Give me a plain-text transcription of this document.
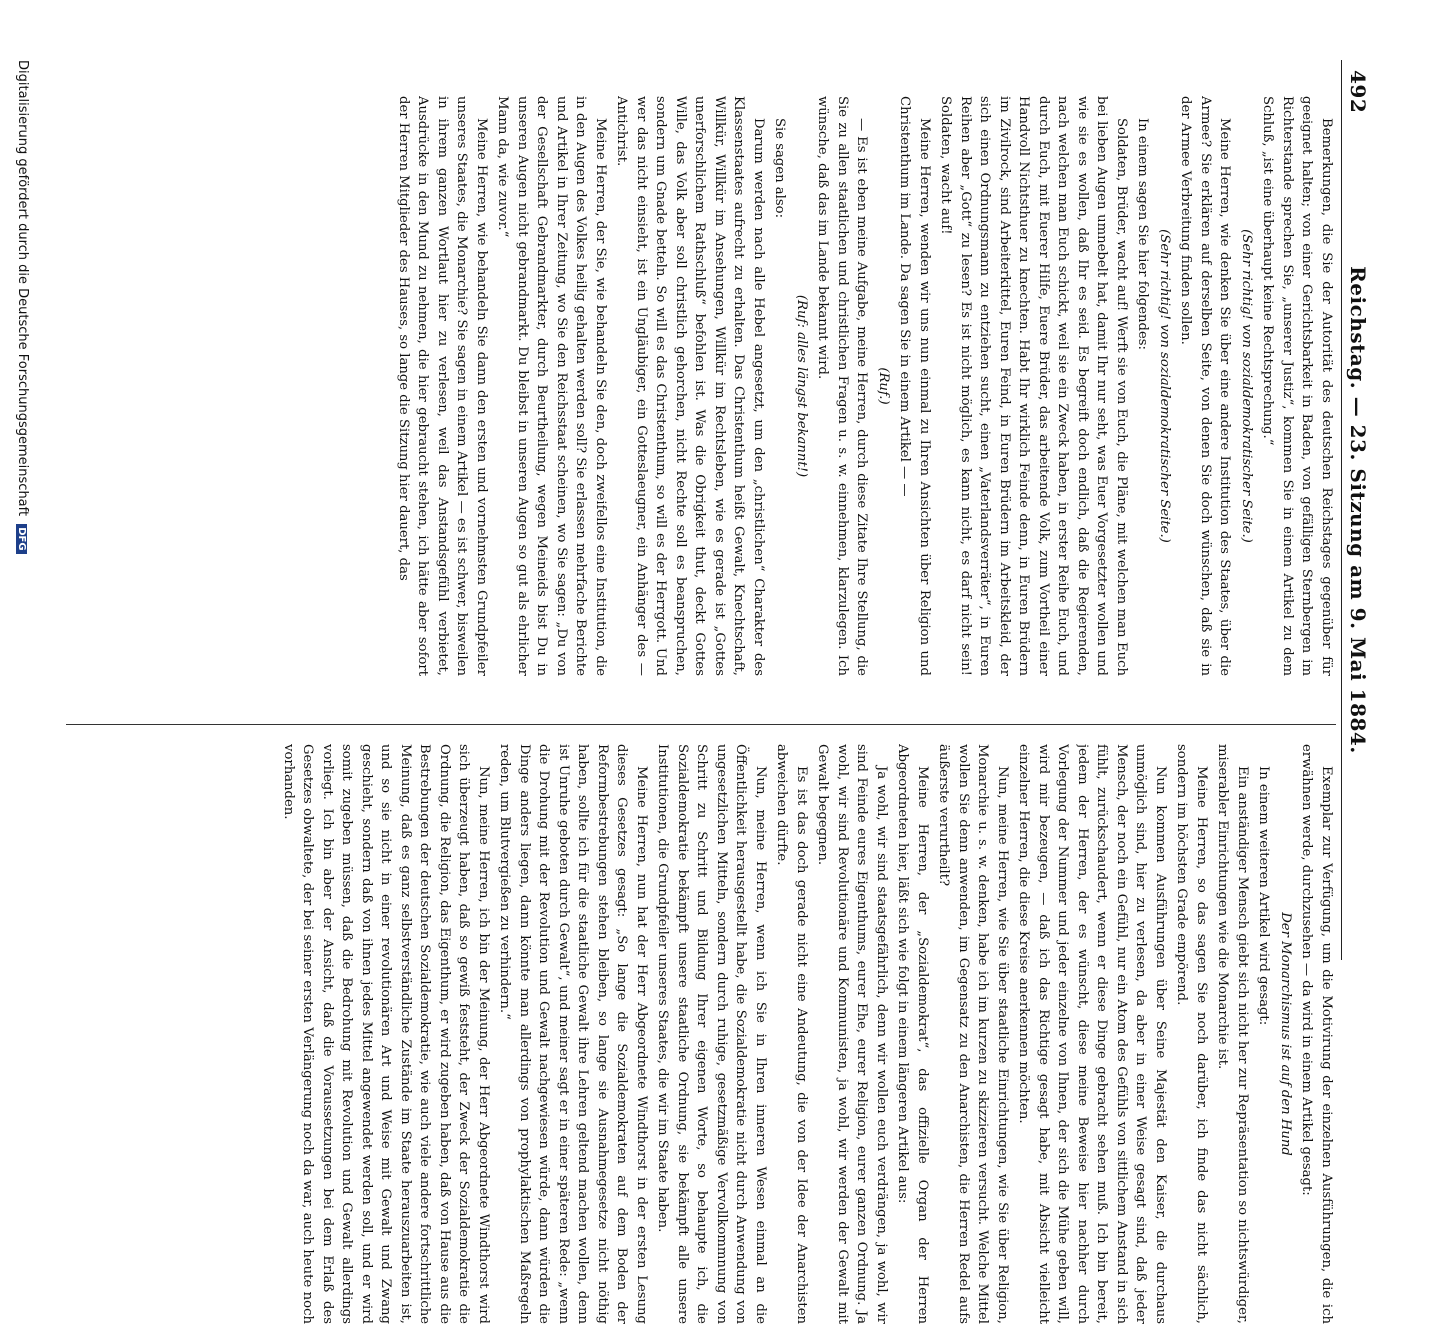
492
Reichstag. — 23. Sitzung am 9. Mai 1884.

Bemerkungen, die Sie der Autorität des deutschen Reichstages gegenüber für geeignet halten; von einer Gerichtsbarkeit in Baden, von gefälligen Sternbergen im Richterstande sprechen Sie, „unserer Justiz“, kommen Sie in einem Artikel zu dem Schluß, „ist eine überhaupt keine Rechtsprechung.“

(Sehr richtig! von sozialdemokratischer Seite.)

Meine Herren, wie denken Sie über eine andere Institution des Staates, über die Armee? Sie erklären auf derselben Seite, von denen Sie doch wünschen, daß sie in der Armee Verbreitung finden sollen.

(Sehr richtig! von sozialdemokratischer Seite.)

In einem sagen Sie hier folgendes:

Soldaten, Brüder, wacht auf! Werft sie von Euch, die Pläne, mit welchen man Euch bei lieben Augen umnebelt hat, damit Ihr nur seht, was Euer Vorgesetzter wollen und wie sie es wollen, daß Ihr es seid. Es begreift doch endlich, daß die Regierenden, nach welchen man Euch schickt, weil sie ein Zweck haben, in erster Reihe Euch, und durch Euch, mit Euerer Hilfe, Euere Brüder, das arbeitende Volk, zum Vortheil einer Handvoll Nichtsthuer zu knechten. Habt Ihr wirklich Feinde denn, in Euren Brüdern im Zivilrock, sind Arbeiterkittel, Euren Feind, in Euren Brüdern im Arbeitskleid, der sich einen Ordnungsmann zu entziehen sucht, einen „Vaterlandsverräter“, in Euren Reihen aber „Gott“ zu lesen? Es ist nicht möglich, es kann nicht, es darf nicht sein! Soldaten, wacht auf!

Meine Herren, wenden wir uns nun einmal zu Ihren Ansichten über Religion und Christenthum im Lande. Da sagen Sie in einem Artikel — —

(Ruf.)

— Es ist eben meine Aufgabe, meine Herren, durch diese Zitate Ihre Stellung, die Sie zu allen staatlichen und christlichen Fragen u. s. w. einnehmen, klarzulegen. Ich wünsche, daß das im Lande bekannt wird.

(Ruf: alles längst bekannt!)

Sie sagen also:

Darum werden nach alle Hebel angesetzt, um den „christlichen“ Charakter des Klassenstaates aufrecht zu erhalten. Das Christenthum heißt Gewalt, Knechtschaft, Willkür, Willkür im Ansehungen, Willkür im Rechtsleben, wie es gerade ist „Gottes unerforschlichem Rathschluß“ befohlen ist. Was die Obrigkeit thut, deckt Gottes Wille, das Volk aber soll christlich gehorchen, nicht Rechte soll es beanspruchen, sondern um Gnade betteln. So will es das Christenthum, so will es der Herrgott. Und wer das nicht einsieht, ist ein Ungläubiger, ein Gotteslaeugner, ein Anhänger des — Antichrist.

Meine Herren, der Sie, wie behandeln Sie den, doch zweifellos eine Institution, die in den Augen des Volkes heilig gehalten werden soll? Sie erlassen mehrfache Berichte und Artikel in Ihrer Zeitung, wo Sie den Reichsstaat scheinen, wo Sie sagen: „Du von der Gesellschaft Gebrandmarkter, durch Beurtheilung, wegen Meineids bist Du in unseren Augen nicht gebrandmarkt. Du bleibst in unseren Augen so gut als ehrlicher Mann da, wie zuvor.“

Meine Herren, wie behandeln Sie dann den ersten und vornehmsten Grundpfeiler unseres Staates, die Monarchie? Sie sagen in einem Artikel — es ist schwer, bisweilen in ihrem ganzen Wortlaut hier zu verlesen, weil das Anstandsgefühl verbietet, Ausdrücke in den Mund zu nehmen, die hier gebraucht stehen, ich hätte aber sofort der Herren Mitglieder des Hauses, so lange die Sitzung hier dauert, das

Exemplar zur Verfügung, um die Motivirung der einzelnen Ausführungen, die ich erwähnen werde, durchzusehen — da wird in einem Artikel gesagt:

Der Monarchismus ist auf den Hund

In einem weiteren Artikel wird gesagt:

Ein anständiger Mensch giebt sich nicht her zur Repräsentation so nichtswürdiger, miserabler Einrichtungen wie die Monarchie ist.

Meine Herren, so das sagen Sie noch darüber, ich finde das nicht sächlich, sondern im höchsten Grade empörend.

Nun kommen Ausführungen über Seine Majestät den Kaiser, die durchaus unmöglich sind, hier zu verlesen, da aber in einer Weise gesagt sind, daß jeder Mensch, der noch ein Gefühl, nur ein Atom des Gefühls von sittlichem Anstand in sich fühlt, zurückschaudert, wenn er diese Dinge gebracht sehen muß. Ich bin bereit, jedem der Herren, der es wünscht, diese meine Beweise hier nachher durch Vorlegung der Nummer und jeder einzelne von Ihnen, der sich die Mühe geben will, wird mir bezeugen, — daß ich das Richtige gesagt habe, mit Absicht vielleicht einzelner Herren, die diese Kreise anerkennen möchten.

Nun, meine Herren, wie Sie über staatliche Einrichtungen, wie Sie über Religion, Monarchie u. s. w. denken, habe ich im kurzen zu skizzieren versucht. Welche Mittel wollen Sie denn anwenden, im Gegensatz zu den Anarchisten, die Herren Redel aufs äußerste verurtheilt?

Meine Herren, der „Sozialdemokrat“, das offizielle Organ der Herren Abgeordneten hier, läßt sich wie folgt in einem längeren Artikel aus:

Ja wohl, wir sind staatsgefährlich, denn wir wollen euch verdrängen, ja wohl, wir sind Feinde eures Eigenthums, eurer Ehe, eurer Religion, eurer ganzen Ordnung. Ja wohl, wir sind Revolutionäre und Kommunisten, ja wohl, wir werden der Gewalt mit Gewalt begegnen.

Es ist das doch gerade nicht eine Andeutung, die von der Idee der Anarchisten abweichen dürfte.

Nun, meine Herren, wenn ich Sie in Ihren inneren Wesen einmal an die Öffentlichkeit herausgestellt habe, die Sozialdemokratie nicht durch Anwendung von ungesetzlichen Mitteln, sondern durch ruhige, gesetzmäßige Vervollkommnung von Schritt zu Schritt und Bildung Ihrer eigenen Worte, so behaupte ich, die Sozialdemokratie bekämpft unsere staatliche Ordnung, sie bekämpft alle unsere Institutionen, die Grundpfeiler unseres Staates, die wir im Staate haben.

Meine Herren, nun hat der Herr Abgeordnete Windthorst in der ersten Lesung dieses Gesetzes gesagt: „So lange die Sozialdemokraten auf dem Boden der Reformbestrebungen stehen bleiben, so lange sie Ausnahmegesetze nicht nöthig haben, sollte ich für die staatliche Gewalt ihre Lehren geltend machen wollen, denn ist Unruhe geboten durch Gewalt“, und meiner sagt er in einer späteren Rede: „wenn die Drohung mit der Revolution und Gewalt nachgewiesen würde, dann würden die Dinge anders liegen, dann könnte man allerdings von prophylaktischen Maßregeln reden, um Blutvergießen zu verhindern.“

Nun, meine Herren, ich bin der Meinung, der Herr Abgeordnete Windthorst wird sich überzeugt haben, daß so gewiß feststeht, der Zweck der Sozialdemokratie die Ordnung, die Religion, das Eigenthum, er wird zugeben haben, daß von Hause aus die Bestrebungen der deutschen Sozialdemokratie, wie auch viele andere fortschrittliche Meinung, daß es ganz selbstverständliche Zustände im Staate herauszuarbeiten ist, und so sie nicht in einer revolutionären Art und Weise mit Gewalt und Zwang geschieht, sondern daß von ihnen jedes Mittel angewendet werden soll, und er wird somit zugeben müssen, daß die Bedrohung mit Revolution und Gewalt allerdings vorliegt. Ich bin aber der Ansicht, daß die Voraussetzungen bei dem Erlaß des Gesetzes obwaltete, der bei seiner ersten Verlängerung noch da war, auch heute noch vorhanden.

Digitalisierung gefördert durch die Deutsche Forschungsgemeinschaft DFG
